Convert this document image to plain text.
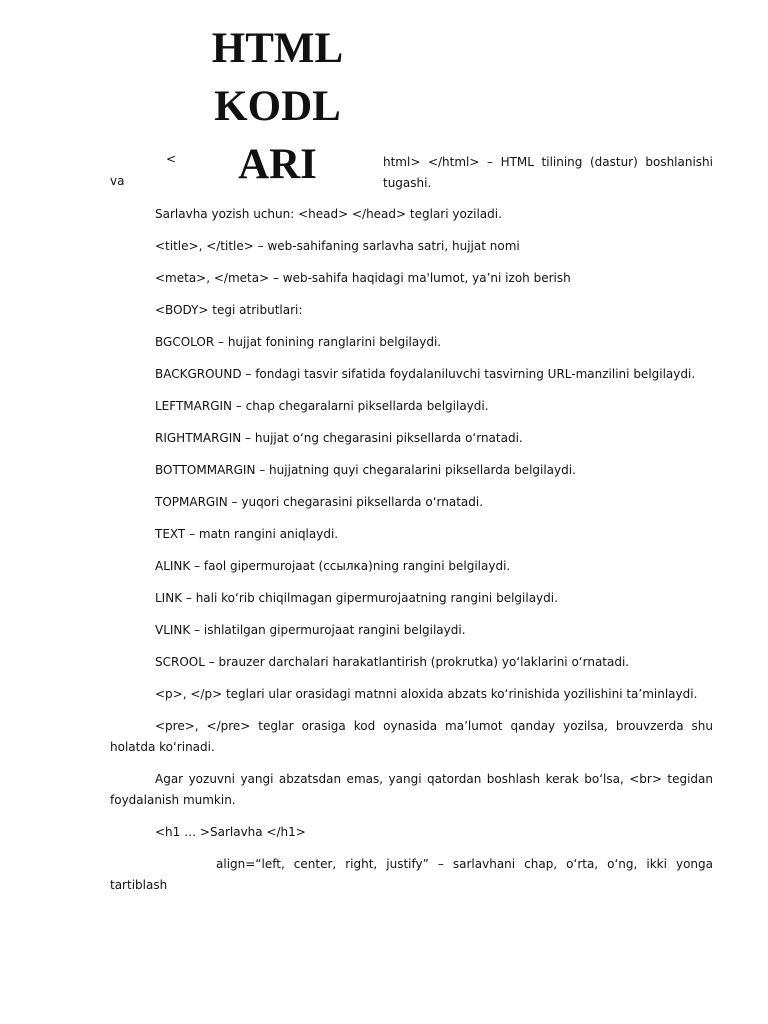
HTML
KODL
ARI
<
va
html> </html> – HTML tilining (dastur) boshlanishi tugashi.

Sarlavha yozish uchun: <head> </head> teglari yoziladi.

<title>, </title> – web-sahifaning sarlavha satri, hujjat nomi

<meta>, </meta> – web-sahifa haqidagi ma'lumot, ya’ni izoh berish

<BODY> tegi atributlari:

BGCOLOR – hujjat fonining ranglarini belgilaydi.

BACKGROUND – fondagi tasvir sifatida foydalaniluvchi tasvirning URL-manzilini belgilaydi.

LEFTMARGIN – chap chegaralarni piksellarda belgilaydi.

RIGHTMARGIN – hujjat o‘ng chegarasini piksellarda o‘rnatadi.

BOTTOMMARGIN – hujjatning quyi chegaralarini piksellarda belgilaydi.

TOPMARGIN – yuqori chegarasini piksellarda o‘rnatadi.

TEXT – matn rangini aniqlaydi.

ALINK – faol gipermurojaat (ссылка)ning rangini belgilaydi.

LINK – hali ko‘rib chiqilmagan gipermurojaatning rangini belgilaydi.

VLINK – ishlatilgan gipermurojaat rangini belgilaydi.

SCROOL – brauzer darchalari harakatlantirish (prokrutka) yo‘laklarini o‘rnatadi.

<p>, </p> teglari ular orasidagi matnni aloxida abzats ko‘rinishida yozilishini ta’minlaydi.

<pre>, </pre> teglar orasiga kod oynasida ma’lumot qanday yozilsa, brouvzerda shu holatda ko‘rinadi.

Agar yozuvni yangi abzatsdan emas, yangi qatordan boshlash kerak bo‘lsa, <br> tegidan foydalanish mumkin.

<h1 … >Sarlavha </h1>

align=“left, center, right, justify” – sarlavhani chap, o‘rta, o‘ng, ikki yonga tartiblash
